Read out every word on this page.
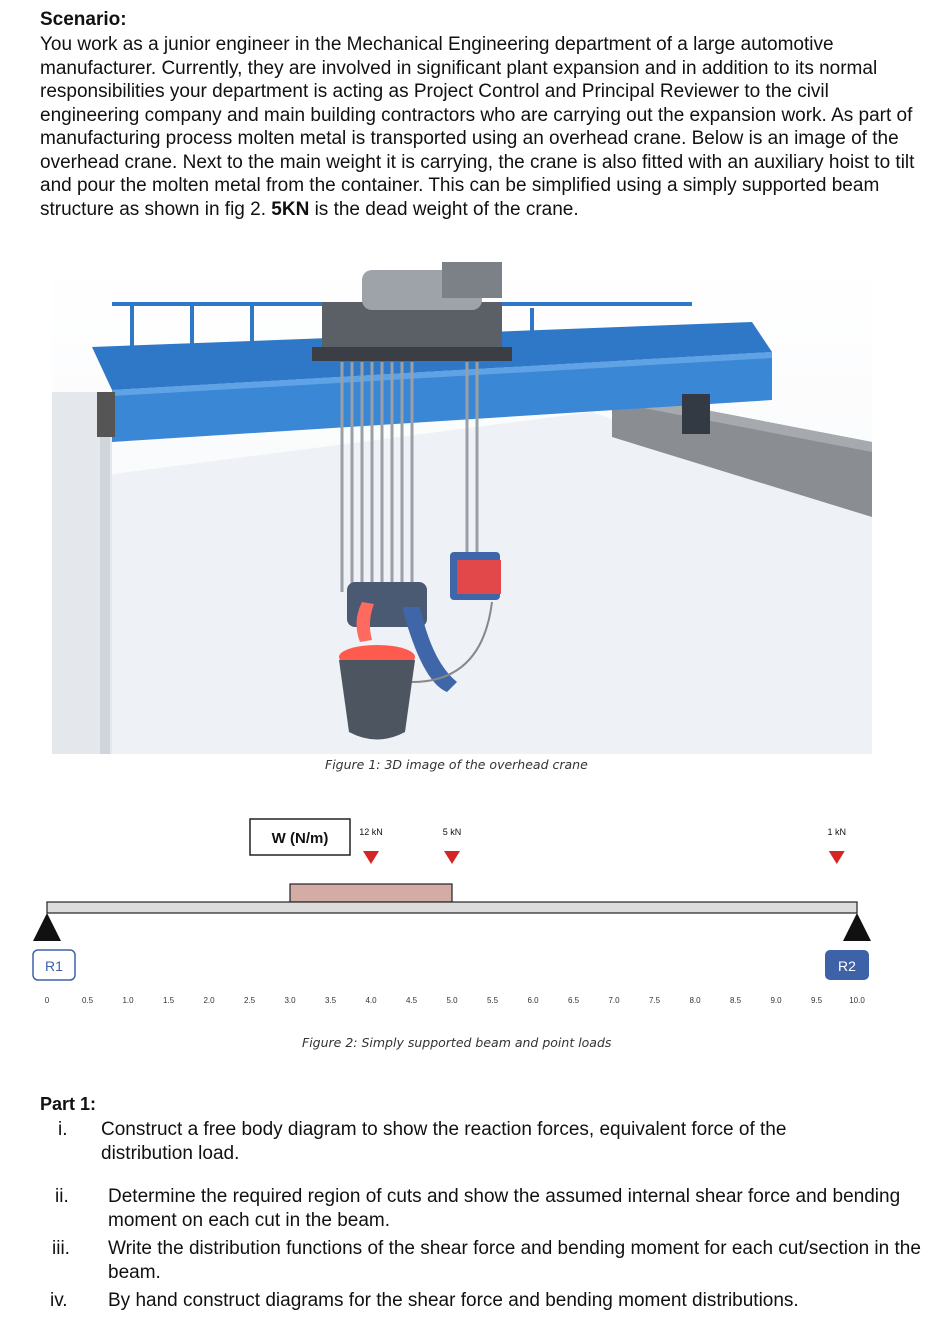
Scenario:
You work as a junior engineer in the Mechanical Engineering department of a large automotive manufacturer. Currently, they are involved in significant plant expansion and in addition to its normal responsibilities your department is acting as Project Control and Principal Reviewer to the civil engineering company and main building contractors who are carrying out the expansion work. As part of manufacturing process molten metal is transported using an overhead crane. Below is an image of the overhead crane. Next to the main weight it is carrying, the crane is also fitted with an auxiliary hoist to tilt and pour the molten metal from the container. This can be simplified using a simply supported beam structure as shown in fig 2. 5KN is the dead weight of the crane.
Figure 1: 3D image of the overhead crane
W (N/m)	12 kN	5 kN	1 kN
R1	R2
0	0.5	1.0	1.5	2.0	2.5	3.0	3.5	4.0	4.5	5.0	5.5	6.0	6.5	7.0	7.5	8.0	8.5	9.0	9.5	10.0
Figure 2: Simply supported beam and point loads
Part 1:
i. Construct a free body diagram to show the reaction forces, equivalent force of the distribution load.
ii. Determine the required region of cuts and show the assumed internal shear force and bending moment on each cut in the beam.
iii. Write the distribution functions of the shear force and bending moment for each cut/section in the beam.
iv. By hand construct diagrams for the shear force and bending moment distributions.
